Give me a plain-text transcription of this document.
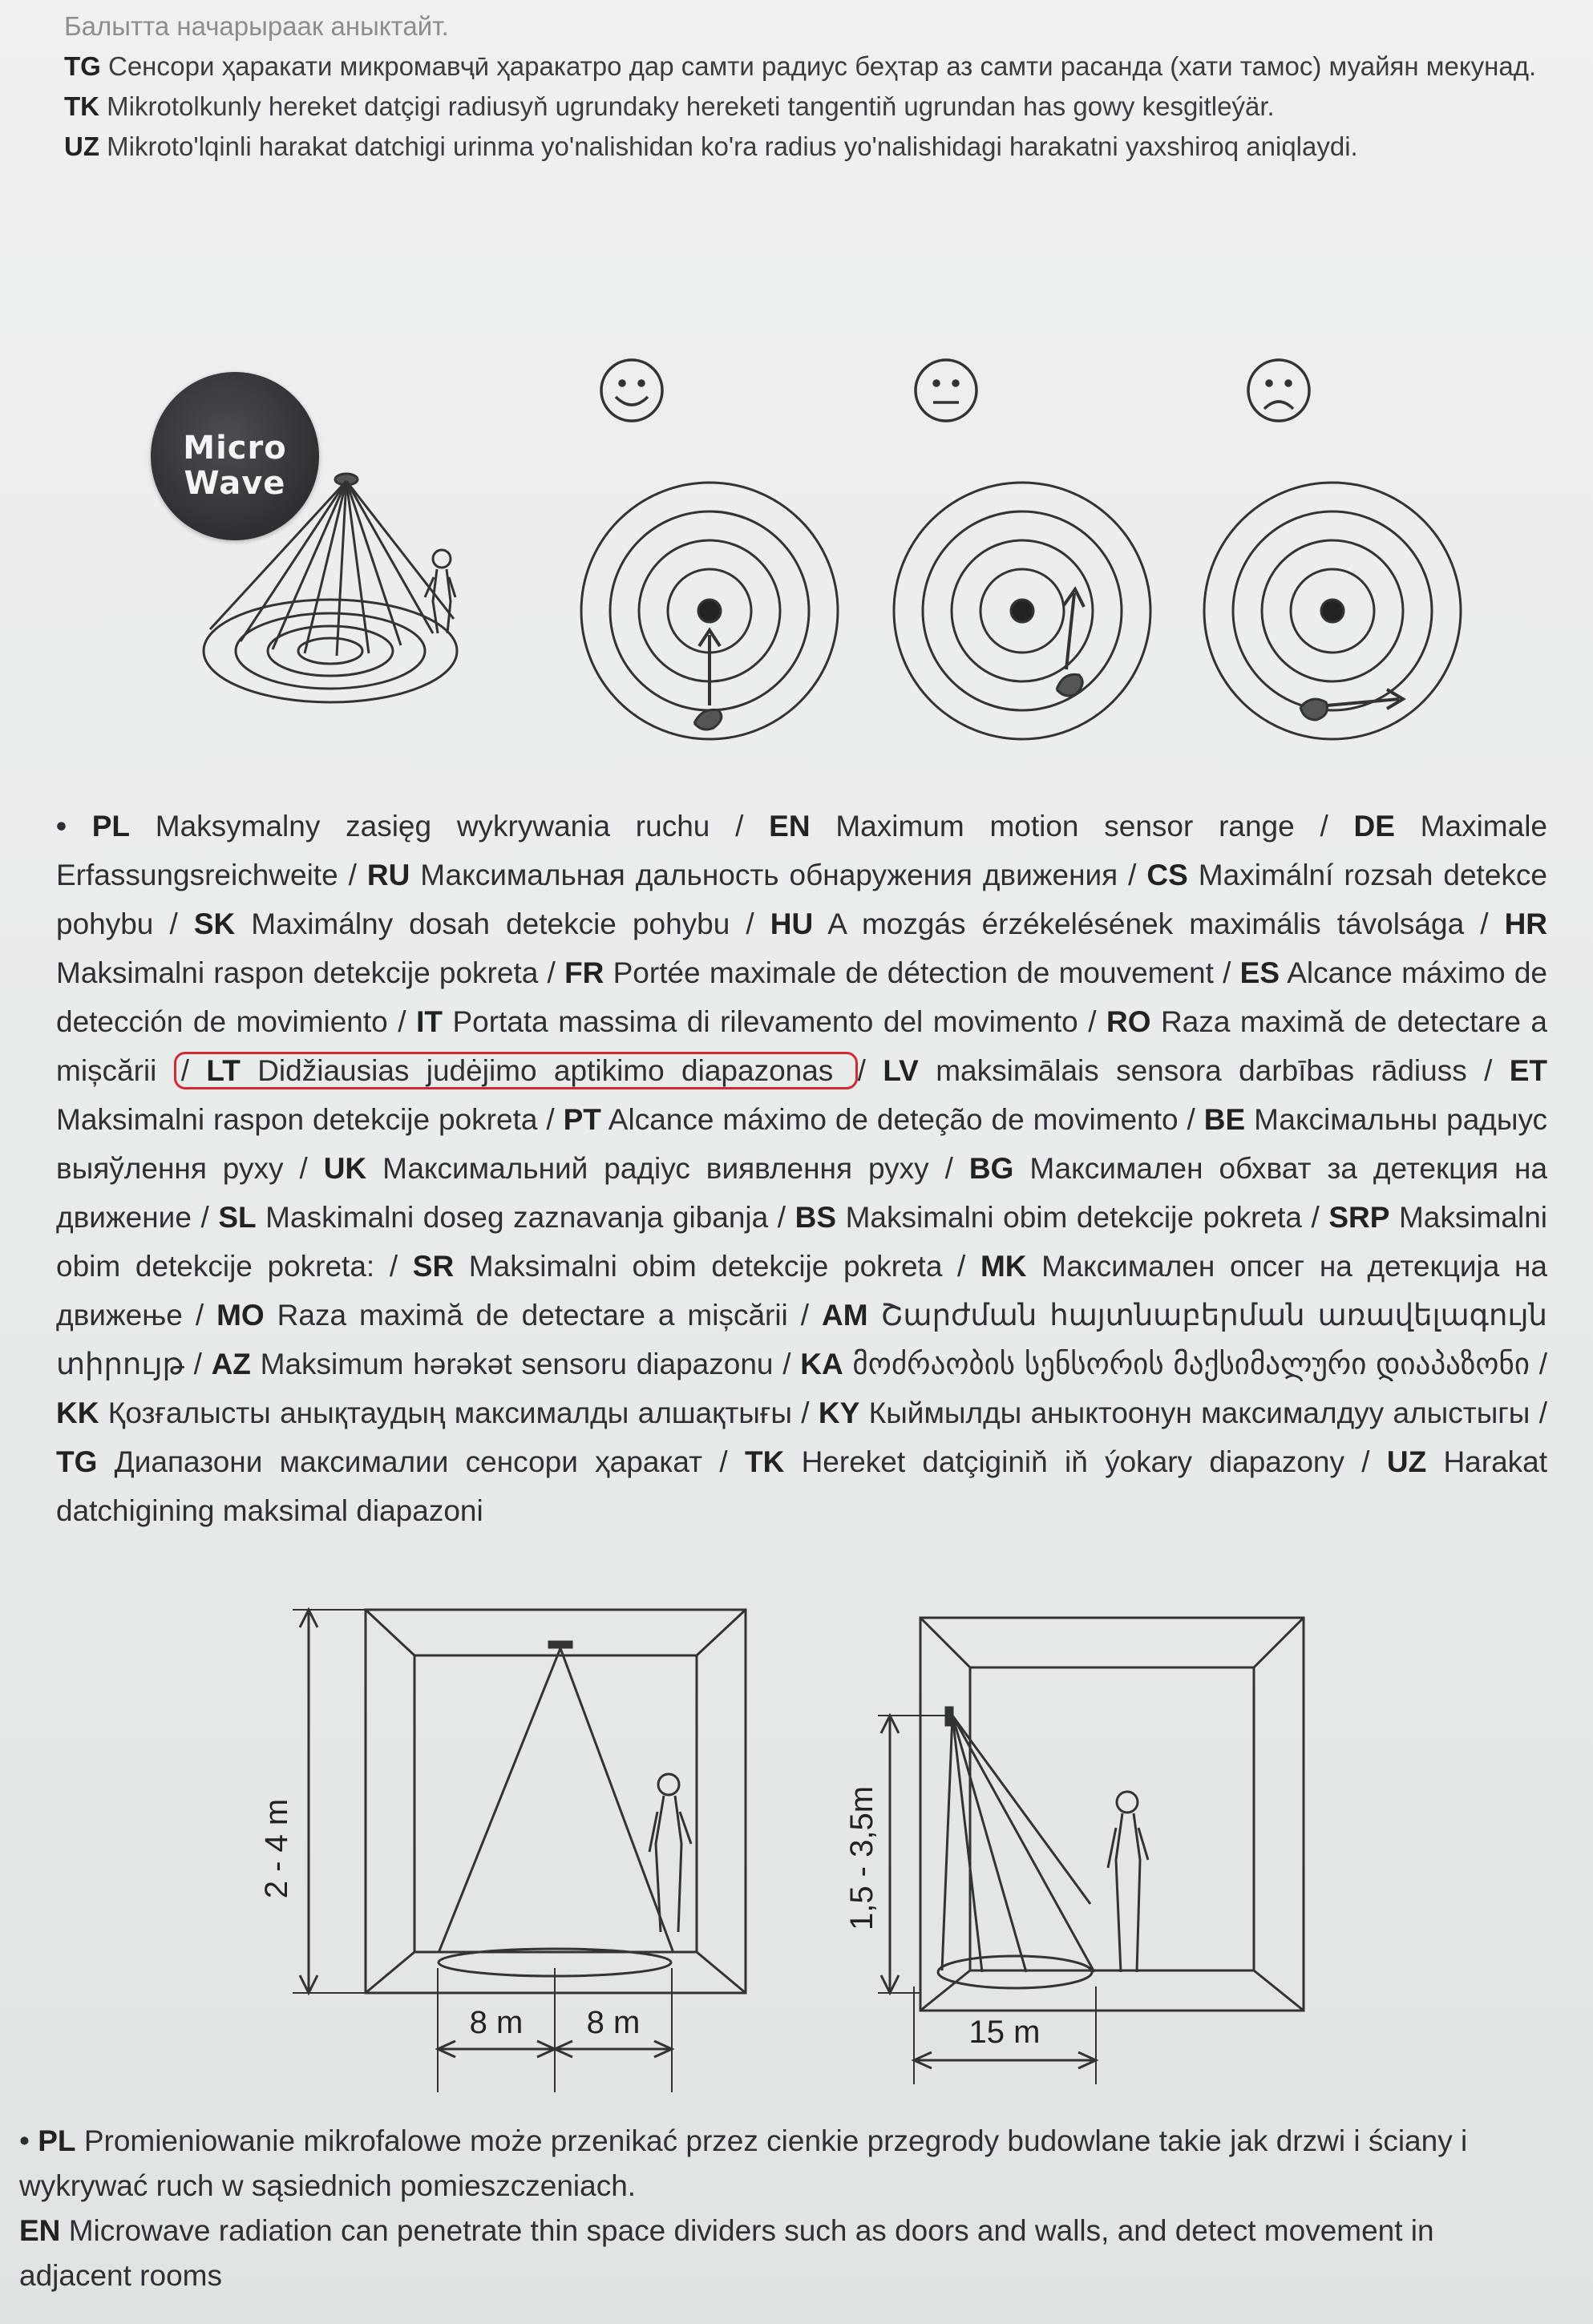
Балытта начарыраак аныктайт.

TG Сенсори ҳаракати микромавҷӣ ҳаракатро дар самти радиус беҳтар аз самти расанда (хати тамос) муайян мекунад.

TK Mikrotolkunly hereket datçigi radiusyň ugrundaky hereketi tangentiň ugrundan has gowy kesgitleýär.

UZ Mikroto'lqinli harakat datchigi urinma yo'nalishidan ko'ra radius yo'nalishidagi harakatni yaxshiroq aniqlaydi.

2 - 4 m
8 m 8 m
1,5 - 3,5m
15 m
Micro
Wave

• PL Maksymalny zasięg wykrywania ruchu / EN Maximum motion sensor range / DE Maximale Erfassungsreichweite / RU Максимальная дальность обнаружения движения / CS Maximální rozsah detekce pohybu / SK Maximálny dosah detekcie pohybu / HU A mozgás érzékelésének maximális távolsága / HR Maksimalni raspon detekcije pokreta / FR Portée maximale de détection de mouvement / ES Alcance máximo de detección de movimiento / IT Portata massima di rilevamento del movimento / RO Raza maximă de detectare a mișcării / LT Didžiausias judėjimo aptikimo diapazonas / LV maksimālais sensora darbības rādiuss / ET Maksimalni raspon detekcije pokreta / PT Alcance máximo de deteção de movimento / BE Максімальны радыус выяўлення руху / UK Максимальний радіус виявлення руху / BG Максимален обхват за детекция на движение / SL Maskimalni doseg zaznavanja gibanja / BS Maksimalni obim detekcije pokreta / SRP Maksimalni obim detekcije pokreta: / SR Maksimalni obim detekcije pokreta / MK Максимален опсег на детекција на движење / MO Raza maximă de detectare a mișcării / AM Շարժման հայտնաբերման առավելագույն տիրույթ / AZ Maksimum hərəkət sensoru diapazonu / KA მოძრაობის სენსორის მაქსიმალური დიაპაზონი / KK Қозғалысты анықтаудың максималды алшақтығы / KY Кыймылды аныктоонун максималдуу алыстыгы / TG Диапазони максималии сенсори ҳаракат / TK Hereket datçiginiň iň ýokary diapazony / UZ Harakat datchigining maksimal diapazoni

• PL Promieniowanie mikrofalowe może przenikać przez cienkie przegrody budowlane takie jak drzwi i ściany i wykrywać ruch w sąsiednich pomieszczeniach.

EN Microwave radiation can penetrate thin space dividers such as doors and walls, and detect movement in adjacent rooms
